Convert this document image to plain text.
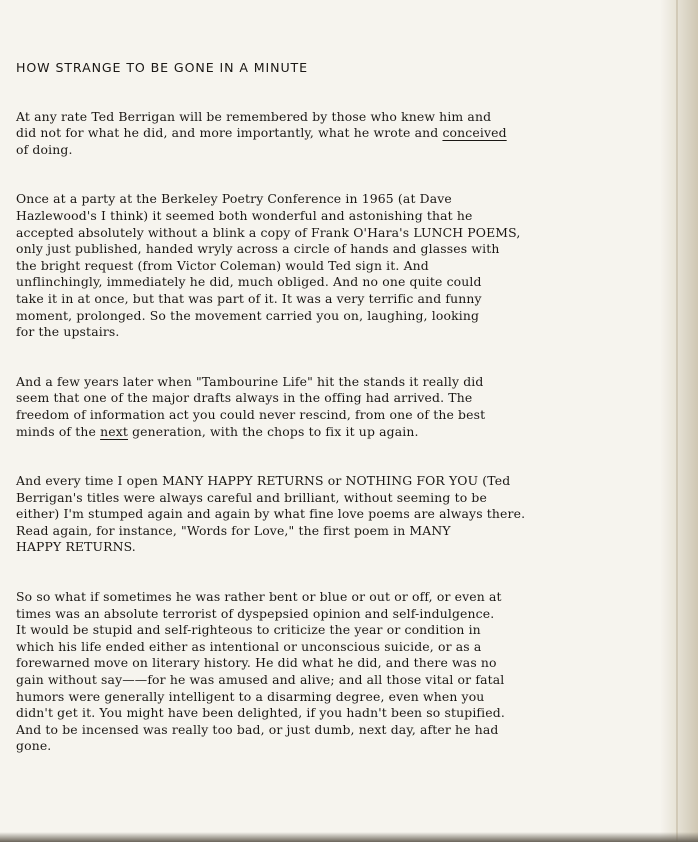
HOW STRANGE TO BE GONE IN A MINUTE
At any rate Ted Berrigan will be remembered by those who knew him and
did not for what he did, and more importantly, what he wrote and conceived
of doing.
Once at a party at the Berkeley Poetry Conference in 1965 (at Dave
Hazlewood's I think) it seemed both wonderful and astonishing that he
accepted absolutely without a blink a copy of Frank O'Hara's LUNCH POEMS,
only just published, handed wryly across a circle of hands and glasses with
the bright request (from Victor Coleman) would Ted sign it. And
unflinchingly, immediately he did, much obliged. And no one quite could
take it in at once, but that was part of it. It was a very terrific and funny
moment, prolonged. So the movement carried you on, laughing, looking
for the upstairs.
And a few years later when "Tambourine Life" hit the stands it really did
seem that one of the major drafts always in the offing had arrived. The
freedom of information act you could never rescind, from one of the best
minds of the next generation, with the chops to fix it up again.
And every time I open MANY HAPPY RETURNS or NOTHING FOR YOU (Ted
Berrigan's titles were always careful and brilliant, without seeming to be
either) I'm stumped again and again by what fine love poems are always there.
Read again, for instance, "Words for Love," the first poem in MANY
HAPPY RETURNS.
So so what if sometimes he was rather bent or blue or out or off, or even at
times was an absolute terrorist of dyspepsied opinion and self-indulgence.
It would be stupid and self-righteous to criticize the year or condition in
which his life ended either as intentional or unconscious suicide, or as a
forewarned move on literary history. He did what he did, and there was no
gain without say——for he was amused and alive; and all those vital or fatal
humors were generally intelligent to a disarming degree, even when you
didn't get it. You might have been delighted, if you hadn't been so stupified.
And to be incensed was really too bad, or just dumb, next day, after he had
gone.
